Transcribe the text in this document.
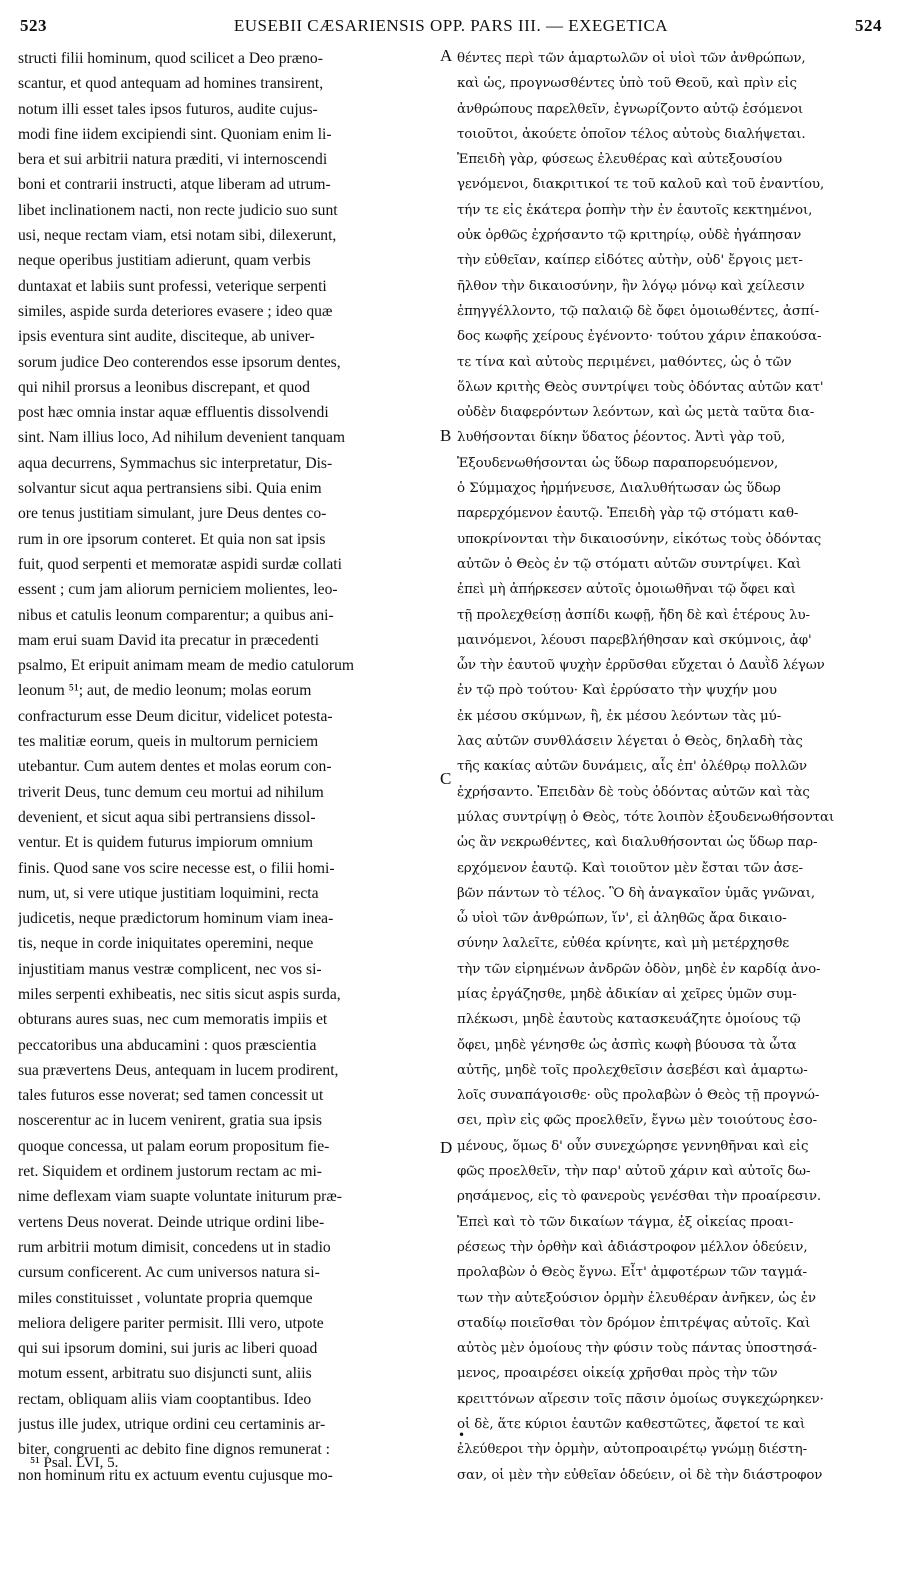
523	EUSEBII CÆSARIENSIS OPP. PARS III. — EXEGETICA	524
structi filii hominum, quod scilicet a Deo præno-
scantur, et quod antequam ad homines transirent,
notum illi esset tales ipsos futuros, audite cujus-
modi fine iidem excipiendi sint. Quoniam enim li-
bera et sui arbitrii natura præditi, vi internoscendi
boni et contrarii instructi, atque liberam ad utrum-
libet inclinationem nacti, non recte judicio suo sunt
usi, neque rectam viam, etsi notam sibi, dilexerunt,
neque operibus justitiam adierunt, quam verbis
duntaxat et labiis sunt professi, veterique serpenti
similes, aspide surda deteriores evasere ; ideo quæ
ipsis eventura sint audite, disciteque, ab univer-
sorum judice Deo conterendos esse ipsorum dentes,
qui nihil prorsus a leonibus discrepant, et quod
post hæc omnia instar aquæ effluentis dissolvendi
sint. Nam illius loco, Ad nihilum devenient tanquam
aqua decurrens, Symmachus sic interpretatur, Dis-
solvantur sicut aqua pertransiens sibi. Quia enim
ore tenus justitiam simulant, jure Deus dentes co-
rum in ore ipsorum conteret. Et quia non sat ipsis
fuit, quod serpenti et memoratæ aspidi surdæ collati
essent ; cum jam aliorum perniciem molientes, leo-
nibus et catulis leonum comparentur; a quibus ani-
mam erui suam David ita precatur in præcedenti
psalmo, Et eripuit animam meam de medio catulorum
leonum ⁵¹; aut, de medio leonum; molas eorum
confracturum esse Deum dicitur, videlicet potesta-
tes malitiæ eorum, queis in multorum perniciem
utebantur. Cum autem dentes et molas eorum con-
triverit Deus, tunc demum ceu mortui ad nihilum
devenient, et sicut aqua sibi pertransiens dissol-
ventur. Et is quidem futurus impiorum omnium
finis. Quod sane vos scire necesse est, o filii homi-
num, ut, si vere utique justitiam loquimini, recta
judicetis, neque prædictorum hominum viam inea-
tis, neque in corde iniquitates operemini, neque
injustitiam manus vestræ complicent, nec vos si-
miles serpenti exhibeatis, nec sitis sicut aspis surda,
obturans aures suas, nec cum memoratis impiis et
peccatoribus una abducamini : quos præscientia
sua prævertens Deus, antequam in lucem prodirent,
tales futuros esse noverat; sed tamen concessit ut
noscerentur ac in lucem venirent, gratia sua ipsis
quoque concessa, ut palam eorum propositum fie-
ret. Siquidem et ordinem justorum rectam ac mi-
nime deflexam viam suapte voluntate initurum præ-
vertens Deus noverat. Deinde utrique ordini libe-
rum arbitrii motum dimisit, concedens ut in stadio
cursum conficerent. Ac cum universos natura si-
miles constituisset , voluntate propria quemque
meliora deligere pariter permisit. Illi vero, utpote
qui sui ipsorum domini, sui juris ac liberi quoad
motum essent, arbitratu suo disjuncti sunt, aliis
rectam, obliquam aliis viam cooptantibus. Ideo
justus ille judex, utrique ordini ceu certaminis ar-
biter, congruenti ac debito fine dignos remunerat :
non hominum ritu ex actuum eventu cujusque mo-
θέντες περὶ τῶν ἁμαρτωλῶν οἱ υἱοὶ τῶν ἀνθρώπων,
καὶ ὡς, προγνωσθέντες ὑπὸ τοῦ Θεοῦ, καὶ πρὶν εἰς
ἀνθρώπους παρελθεῖν, ἐγνωρίζοντο αὐτῷ ἐσόμενοι
τοιοῦτοι, ἀκούετε ὁποῖον τέλος αὐτοὺς διαλήψεται.
Ἐπειδὴ γὰρ, φύσεως ἐλευθέρας καὶ αὐτεξουσίου
γενόμενοι, διακριτικοί τε τοῦ καλοῦ καὶ τοῦ ἐναντίου,
τήν τε εἰς ἑκάτερα ῥοπὴν τὴν ἐν ἑαυτοῖς κεκτημένοι,
οὐκ ὀρθῶς ἐχρήσαντο τῷ κριτηρίῳ, οὐδὲ ἠγάπησαν
τὴν εὐθεῖαν, καίπερ εἰδότες αὐτὴν, οὐδ' ἔργοις μετ-
ῆλθον τὴν δικαιοσύνην, ἣν λόγῳ μόνῳ καὶ χείλεσιν
ἐπηγγέλλοντο, τῷ παλαιῷ δὲ ὄφει ὁμοιωθέντες, ἀσπί-
δος κωφῆς χείρους ἐγένοντο· τούτου χάριν ἐπακούσα-
τε τίνα καὶ αὐτοὺς περιμένει, μαθόντες, ὡς ὁ τῶν
ὅλων κριτὴς Θεὸς συντρίψει τοὺς ὀδόντας αὐτῶν κατ'
οὐδὲν διαφερόντων λεόντων, καὶ ὡς μετὰ ταῦτα δια-
λυθήσονται δίκην ὕδατος ῥέοντος. Ἀντὶ γὰρ τοῦ,
Ἐξουδενωθήσονται ὡς ὕδωρ παραπορευόμενον,
ὁ Σύμμαχος ἡρμήνευσε, Διαλυθήτωσαν ὡς ὕδωρ
παρερχόμενον ἑαυτῷ. Ἐπειδὴ γὰρ τῷ στόματι καθ-
υποκρίνονται τὴν δικαιοσύνην, εἰκότως τοὺς ὀδόντας
αὐτῶν ὁ Θεὸς ἐν τῷ στόματι αὐτῶν συντρίψει. Καὶ
ἐπεὶ μὴ ἀπήρκεσεν αὐτοῖς ὁμοιωθῆναι τῷ ὄφει καὶ
τῇ προλεχθείσῃ ἀσπίδι κωφῇ, ἤδη δὲ καὶ ἑτέρους λυ-
μαινόμενοι, λέουσι παρεβλήθησαν καὶ σκύμνοις, ἀφ'
ὧν τὴν ἑαυτοῦ ψυχὴν ἐρρῦσθαι εὔχεται ὁ Δαυῒδ λέγων
ἐν τῷ πρὸ τούτου· Καὶ ἐρρύσατο τὴν ψυχήν μου
ἐκ μέσου σκύμνων, ἢ, ἐκ μέσου λεόντων τὰς μύ-
λας αὐτῶν συνθλάσειν λέγεται ὁ Θεὸς, δηλαδὴ τὰς
τῆς κακίας αὐτῶν δυνάμεις, αἷς ἐπ' ὀλέθρῳ πολλῶν
ἐχρήσαντο. Ἐπειδὰν δὲ τοὺς ὀδόντας αὐτῶν καὶ τὰς
μύλας συντρίψῃ ὁ Θεὸς, τότε λοιπὸν ἐξουδενωθήσονται
ὡς ἂν νεκρωθέντες, καὶ διαλυθήσονται ὡς ὕδωρ παρ-
ερχόμενον ἑαυτῷ. Καὶ τοιοῦτον μὲν ἔσται τῶν ἀσε-
βῶν πάντων τὸ τέλος. Ὃ δὴ ἀναγκαῖον ὑμᾶς γνῶναι,
ὦ υἱοὶ τῶν ἀνθρώπων, ἵν', εἰ ἀληθῶς ἄρα δικαιο-
σύνην λαλεῖτε, εὐθέα κρίνητε, καὶ μὴ μετέρχησθε
τὴν τῶν εἰρημένων ἀνδρῶν ὁδὸν, μηδὲ ἐν καρδίᾳ ἀνο-
μίας ἐργάζησθε, μηδὲ ἀδικίαν αἱ χεῖρες ὑμῶν συμ-
πλέκωσι, μηδὲ ἑαυτοὺς κατασκευάζητε ὁμοίους τῷ
ὄφει, μηδὲ γένησθε ὡς ἀσπὶς κωφὴ βύουσα τὰ ὦτα
αὐτῆς, μηδὲ τοῖς προλεχθεῖσιν ἀσεβέσι καὶ ἁμαρτω-
λοῖς συναπάγοισθε· οὓς προλαβὼν ὁ Θεὸς τῇ προγνώ-
σει, πρὶν εἰς φῶς προελθεῖν, ἔγνω μὲν τοιούτους ἐσο-
μένους, ὅμως δ' οὖν συνεχώρησε γεννηθῆναι καὶ εἰς
φῶς προελθεῖν, τὴν παρ' αὐτοῦ χάριν καὶ αὐτοῖς δω-
ρησάμενος, εἰς τὸ φανεροὺς γενέσθαι τὴν προαίρεσιν.
Ἐπεὶ καὶ τὸ τῶν δικαίων τάγμα, ἐξ οἰκείας προαι-
ρέσεως τὴν ὀρθὴν καὶ ἀδιάστροφον μέλλον ὁδεύειν,
προλαβὼν ὁ Θεὸς ἔγνω. Εἶτ' ἀμφοτέρων τῶν ταγμά-
των τὴν αὐτεξούσιον ὁρμὴν ἐλευθέραν ἀνῆκεν, ὡς ἐν
σταδίῳ ποιεῖσθαι τὸν δρόμον ἐπιτρέψας αὐτοῖς. Καὶ
αὐτὸς μὲν ὁμοίους τὴν φύσιν τοὺς πάντας ὑποστησά-
μενος, προαιρέσει οἰκείᾳ χρῆσθαι πρὸς τὴν τῶν
κρειττόνων αἵρεσιν τοῖς πᾶσιν ὁμοίως συγκεχώρηκεν·
οἱ δὲ, ἅτε κύριοι ἑαυτῶν καθεστῶτες, ἄφετοί τε καὶ
ἐλεύθεροι τὴν ὁρμὴν, αὐτοπροαιρέτῳ γνώμῃ διέστη-
σαν, οἱ μὲν τὴν εὐθεῖαν ὁδεύειν, οἱ δὲ τὴν διάστροφον
A
B
C
D
•
⁵¹ Psal. LVI, 5.
